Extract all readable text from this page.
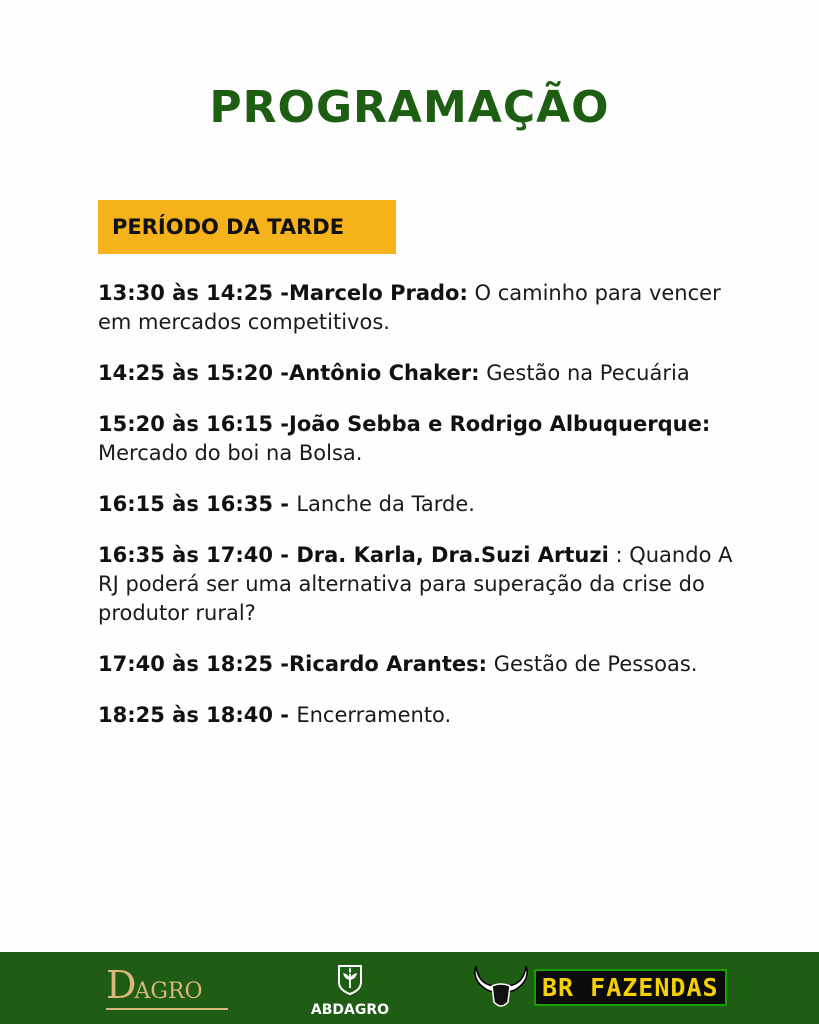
PROGRAMAÇÃO
PERÍODO DA TARDE
13:30 às 14:25 -Marcelo Prado: O caminho para vencer em mercados competitivos.
14:25 às 15:20 -Antônio Chaker: Gestão na Pecuária
15:20 às 16:15 -João Sebba e Rodrigo Albuquerque: Mercado do boi na Bolsa.
16:15 às 16:35 - Lanche da Tarde.
16:35 às 17:40 - Dra. Karla, Dra.Suzi Artuzi : Quando A RJ poderá ser uma alternativa para superação da crise do produtor rural?
17:40 às 18:25 -Ricardo Arantes: Gestão de Pessoas.
18:25 às 18:40 - Encerramento.
D
AGRO
ABDAGRO
BR FAZENDAS
